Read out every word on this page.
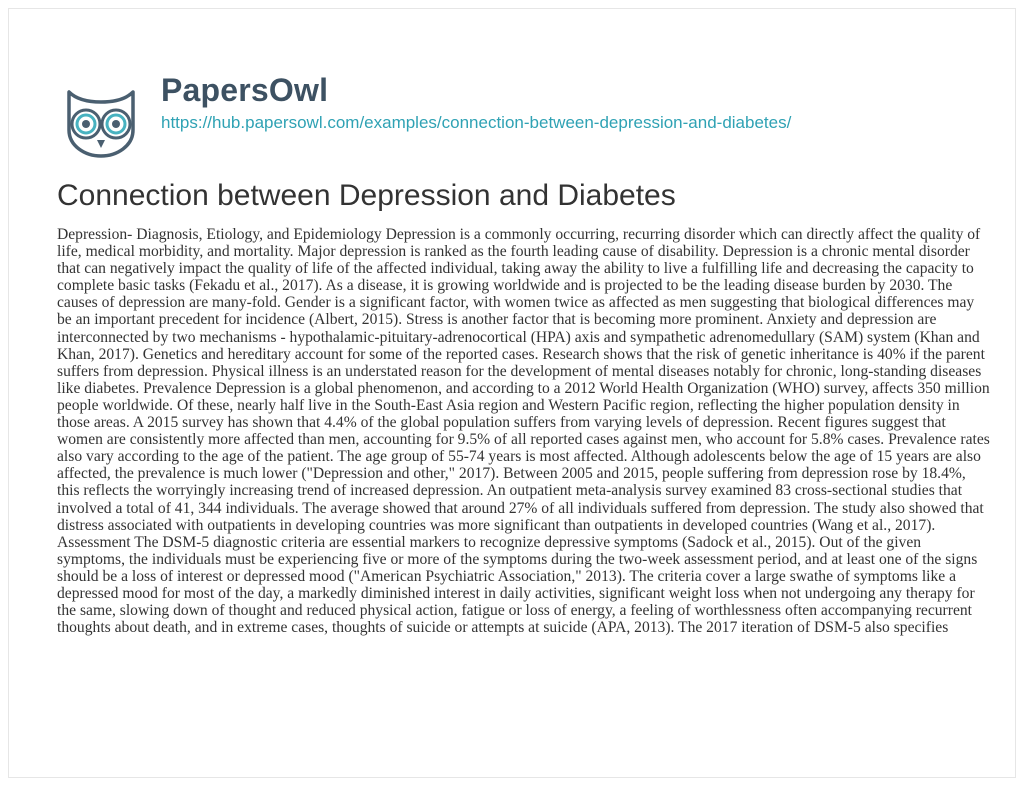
PapersOwl
https://hub.papersowl.com/examples/connection-between-depression-and-diabetes/
Connection between Depression and Diabetes

Depression- Diagnosis, Etiology, and Epidemiology Depression is a commonly occurring, recurring disorder which can directly affect the quality of life, medical morbidity, and mortality. Major depression is ranked as the fourth leading cause of disability. Depression is a chronic mental disorder that can negatively impact the quality of life of the affected individual, taking away the ability to live a fulfilling life and decreasing the capacity to complete basic tasks (Fekadu et al., 2017). As a disease, it is growing worldwide and is projected to be the leading disease burden by 2030. The causes of depression are many-fold. Gender is a significant factor, with women twice as affected as men suggesting that biological differences may be an important precedent for incidence (Albert, 2015). Stress is another factor that is becoming more prominent. Anxiety and depression are interconnected by two mechanisms - hypothalamic-pituitary-adrenocortical (HPA) axis and sympathetic adrenomedullary (SAM) system (Khan and Khan, 2017). Genetics and hereditary account for some of the reported cases. Research shows that the risk of genetic inheritance is 40% if the parent suffers from depression. Physical illness is an understated reason for the development of mental diseases notably for chronic, long-standing diseases like diabetes. Prevalence Depression is a global phenomenon, and according to a 2012 World Health Organization (WHO) survey, affects 350 million people worldwide. Of these, nearly half live in the South-East Asia region and Western Pacific region, reflecting the higher population density in those areas. A 2015 survey has shown that 4.4% of the global population suffers from varying levels of depression. Recent figures suggest that women are consistently more affected than men, accounting for 9.5% of all reported cases against men, who account for 5.8% cases. Prevalence rates also vary according to the age of the patient. The age group of 55-74 years is most affected. Although adolescents below the age of 15 years are also affected, the prevalence is much lower ("Depression and other," 2017). Between 2005 and 2015, people suffering from depression rose by 18.4%, this reflects the worryingly increasing trend of increased depression. An outpatient meta-analysis survey examined 83 cross-sectional studies that involved a total of 41, 344 individuals. The average showed that around 27% of all individuals suffered from depression. The study also showed that distress associated with outpatients in developing countries was more significant than outpatients in developed countries (Wang et al., 2017). Assessment The DSM-5 diagnostic criteria are essential markers to recognize depressive symptoms (Sadock et al., 2015). Out of the given symptoms, the individuals must be experiencing five or more of the symptoms during the two-week assessment period, and at least one of the signs should be a loss of interest or depressed mood ("American Psychiatric Association," 2013). The criteria cover a large swathe of symptoms like a depressed mood for most of the day, a markedly diminished interest in daily activities, significant weight loss when not undergoing any therapy for the same, slowing down of thought and reduced physical action, fatigue or loss of energy, a feeling of worthlessness often accompanying recurrent thoughts about death, and in extreme cases, thoughts of suicide or attempts at suicide (APA, 2013). The 2017 iteration of DSM-5 also specifies
